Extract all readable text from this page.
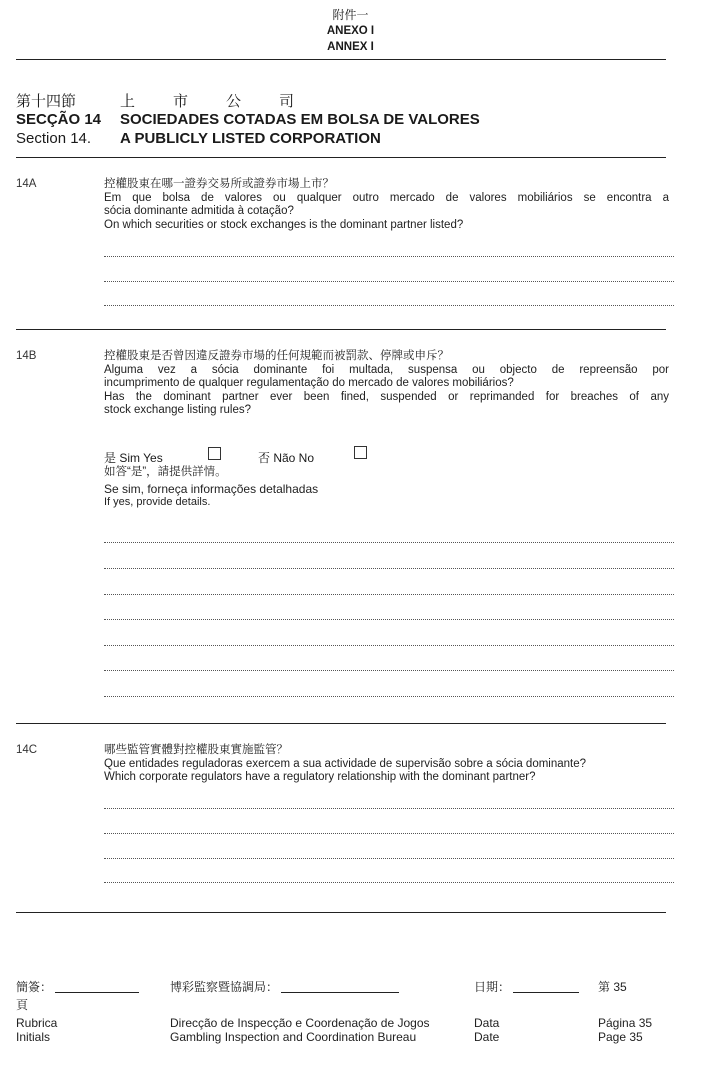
附件一
ANEXO I
ANNEX I
第十四節	上	市	公	司
SECÇÃO 14 SOCIEDADES COTADAS EM BOLSA DE VALORES
Section 14. A PUBLICLY LISTED CORPORATION
14A	控權股東在哪一證券交易所或證券市場上市？
Em que bolsa de valores ou qualquer outro mercado de valores mobiliários se encontra a
sócia dominante admitida à cotação?
On which securities or stock exchanges is the dominant partner listed?
14B	控權股東是否曾因違反證券市場的任何規範而被罰款、停牌或申斥？
Alguma vez a sócia dominante foi multada, suspensa ou objecto de repreensão por
incumprimento de qualquer regulamentação do mercado de valores mobiliários?
Has the dominant partner ever been fined, suspended or reprimanded for breaches of any
stock exchange listing rules?
是 Sim Yes	否 Não No
如答“是”，請提供詳情。
Se sim, forneça informações detalhadas
If yes, provide details.
14C	哪些監管實體對控權股東實施監管？
Que entidades reguladoras exercem a sua actividade de supervisão sobre a sócia dominante?
Which corporate regulators have a regulatory relationship with the dominant partner?
簡簽：
頁
Rubrica
Initials
博彩監察暨協調局：
Direcção de Inspecção e Coordenação de Jogos
Gambling Inspection and Coordination Bureau
日期：
Data
Date
第 35
Página 35
Page 35
